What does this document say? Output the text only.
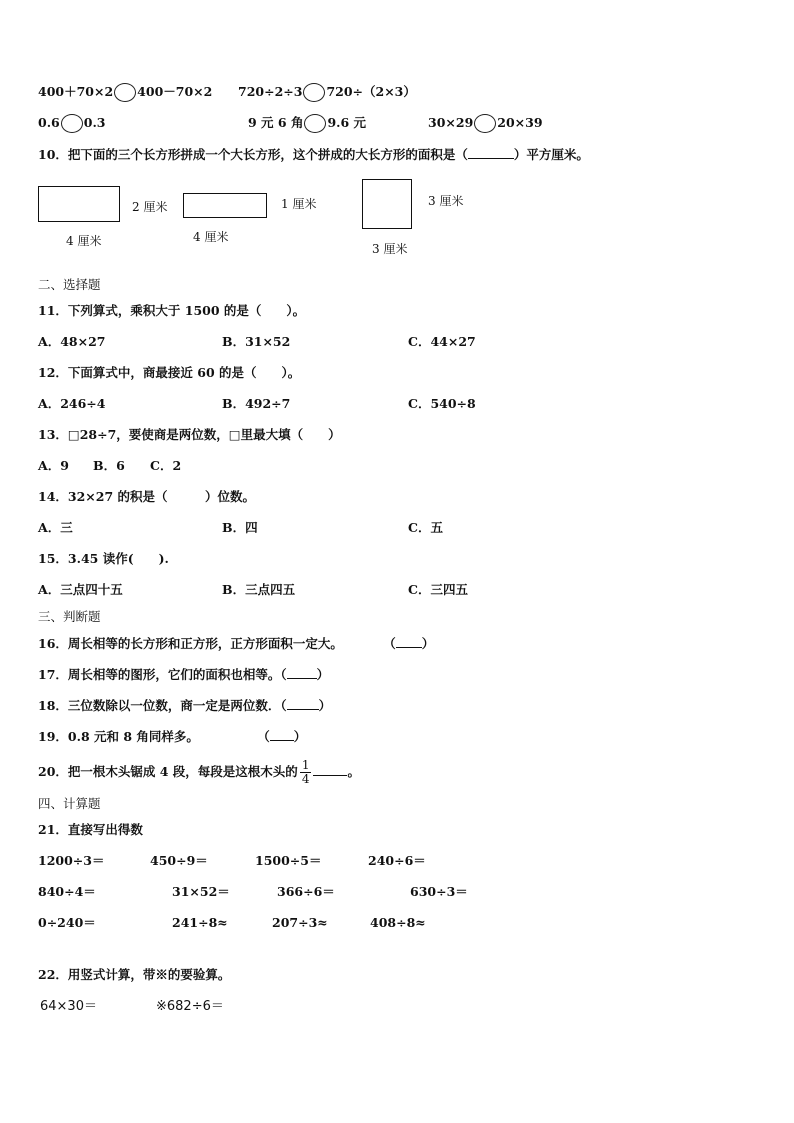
400＋70×2 400－70×2 720÷2÷3 720÷（2×3）
0.6 0.3	9 元 6 角 9.6 元	30×29 20×39
10．把下面的三个长方形拼成一个大长方形，这个拼成的大长方形的面积是（	）平方厘米。
2 厘米
4 厘米
1 厘米
4 厘米
3 厘米
3 厘米
二、选择题
11．下列算式，乘积大于 1500 的是（　　）。
A．48×27	B．31×52	C．44×27
12．下面算式中，商最接近 60 的是（　　）。
A．246÷4	B．492÷7	C．540÷8
13．□28÷7，要使商是两位数，□里最大填（　　）
A．9 B．6 C．2
14．32×27 的积是（　　　）位数。
A．三	B．四	C．五
15．3.45 读作(　　).
A．三点四十五	B．三点四五	C．三四五
三、判断题
16．周长相等的长方形和正方形，正方形面积一定大。	（ ）
17．周长相等的图形，它们的面积也相等。（ ）
18．三位数除以一位数，商一定是两位数．（	）
19．0.8 元和 8 角同样多。	（ ）
20．把一根木头锯成 4 段，每段是这根木头的 $\frac{1}{4}$	。
四、计算题
21．直接写出得数
1200÷3＝	450÷9＝	1500÷5＝	240÷6＝
840÷4＝	31×52＝	366÷6＝	630÷3＝
0÷240＝	241÷8≈	207÷3≈	408÷8≈
22．用竖式计算，带※的要验算。
64×30＝	※682÷6＝
